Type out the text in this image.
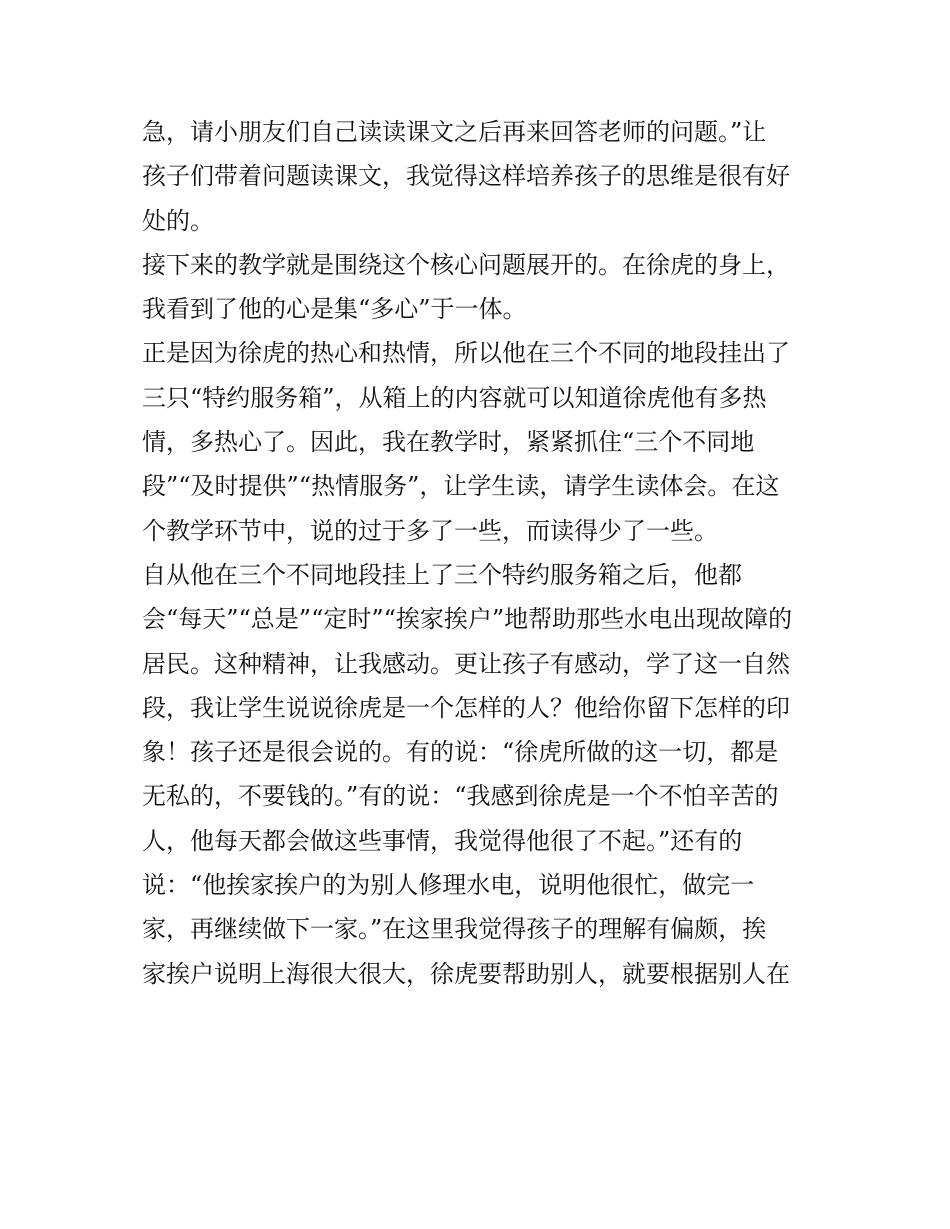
急，请小朋友们自己读读课文之后再来回答老师的问题。”让
孩子们带着问题读课文，我觉得这样培养孩子的思维是很有好
处的。
接下来的教学就是围绕这个核心问题展开的。在徐虎的身上，
我看到了他的心是集“多心”于一体。
正是因为徐虎的热心和热情，所以他在三个不同的地段挂出了
三只“特约服务箱”，从箱上的内容就可以知道徐虎他有多热
情，多热心了。因此，我在教学时，紧紧抓住“三个不同地
段”“及时提供”“热情服务”，让学生读，请学生读体会。在这
个教学环节中，说的过于多了一些，而读得少了一些。
自从他在三个不同地段挂上了三个特约服务箱之后，他都
会“每天”“总是”“定时”“挨家挨户”地帮助那些水电出现故障的
居民。这种精神，让我感动。更让孩子有感动，学了这一自然
段，我让学生说说徐虎是一个怎样的人？他给你留下怎样的印
象！孩子还是很会说的。有的说：“徐虎所做的这一切，都是
无私的，不要钱的。”有的说：“我感到徐虎是一个不怕辛苦的
人，他每天都会做这些事情，我觉得他很了不起。”还有的
说：“他挨家挨户的为别人修理水电，说明他很忙，做完一
家，再继续做下一家。”在这里我觉得孩子的理解有偏颇，挨
家挨户说明上海很大很大，徐虎要帮助别人，就要根据别人在
